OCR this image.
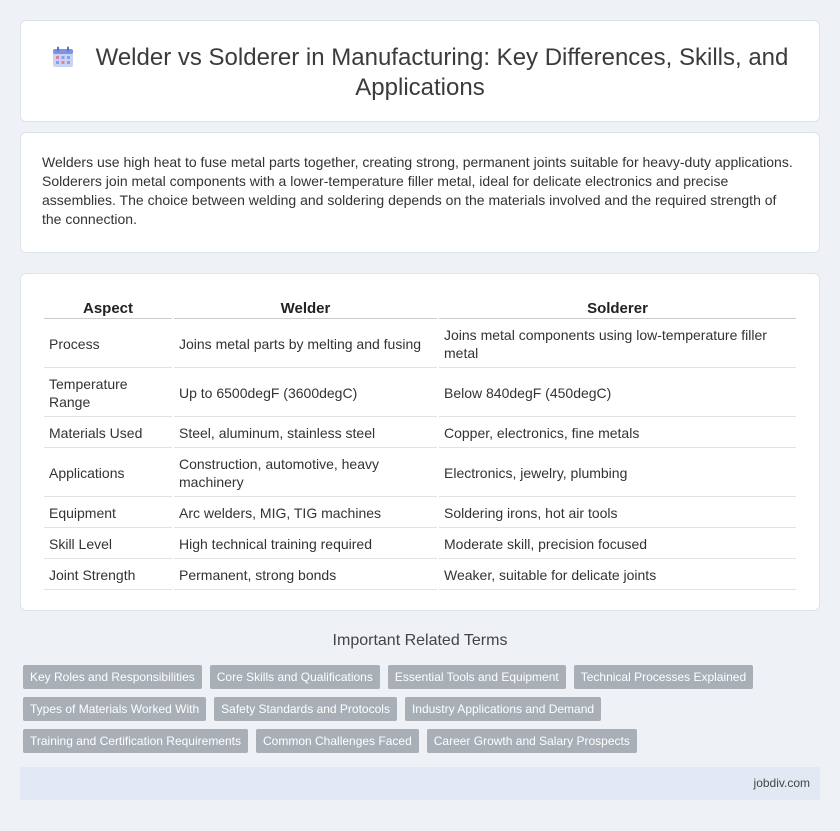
Welder vs Solderer in Manufacturing: Key Differences, Skills, and Applications

Welders use high heat to fuse metal parts together, creating strong, permanent joints suitable for heavy-duty applications. Solderers join metal components with a lower-temperature filler metal, ideal for delicate electronics and precise assemblies. The choice between welding and soldering depends on the materials involved and the required strength of the connection.

Aspect	Welder	Solderer
Process	Joins metal parts by melting and fusing	Joins metal components using low-temperature filler metal
Temperature Range	Up to 6500degF (3600degC)	Below 840degF (450degC)
Materials Used	Steel, aluminum, stainless steel	Copper, electronics, fine metals
Applications	Construction, automotive, heavy machinery	Electronics, jewelry, plumbing
Equipment	Arc welders, MIG, TIG machines	Soldering irons, hot air tools
Skill Level	High technical training required	Moderate skill, precision focused
Joint Strength	Permanent, strong bonds	Weaker, suitable for delicate joints
Important Related Terms
Key Roles and Responsibilities	Core Skills and Qualifications	Essential Tools and Equipment	Technical Processes Explained
Types of Materials Worked With	Safety Standards and Protocols	Industry Applications and Demand
Training and Certification Requirements	Common Challenges Faced	Career Growth and Salary Prospects
jobdiv.com
